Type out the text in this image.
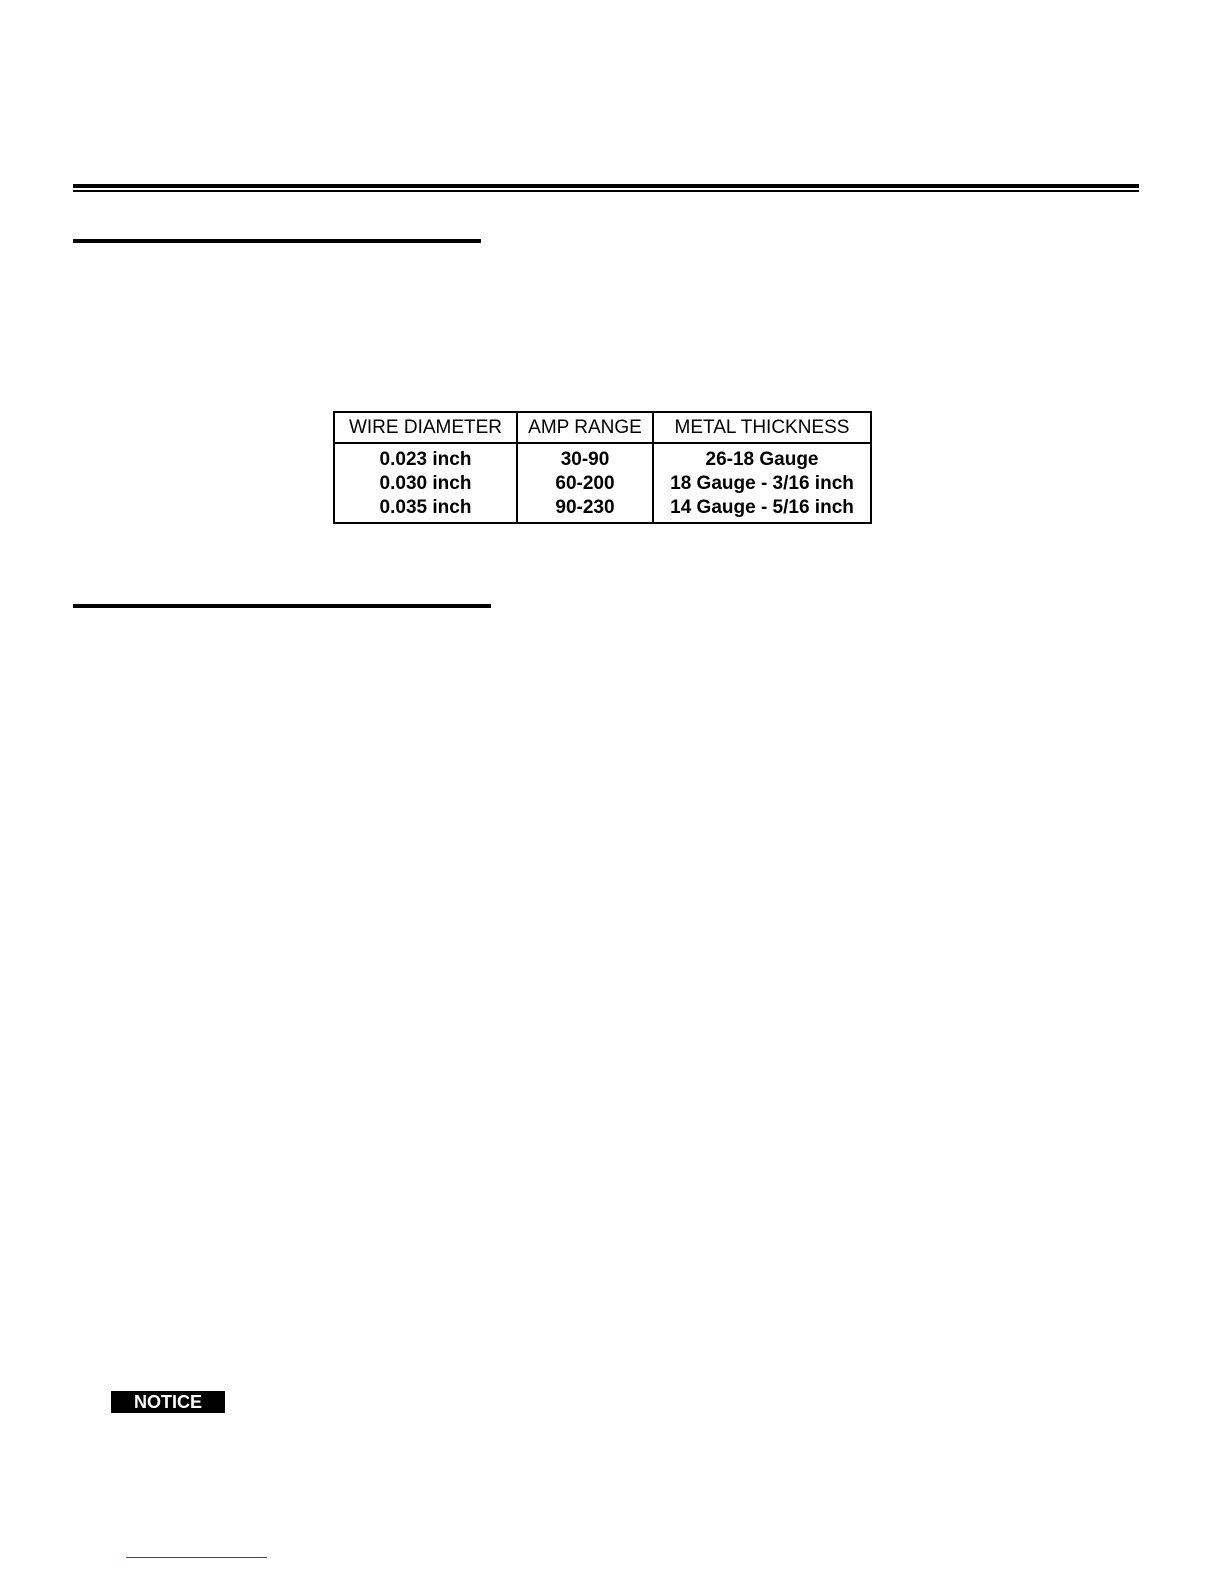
WIRE DIAMETER	AMP RANGE	METAL THICKNESS
0.023 inch	30-90	26-18 Gauge
0.030 inch	60-200	18 Gauge - 3/16 inch
0.035 inch	90-230	14 Gauge - 5/16 inch
NOTICE
